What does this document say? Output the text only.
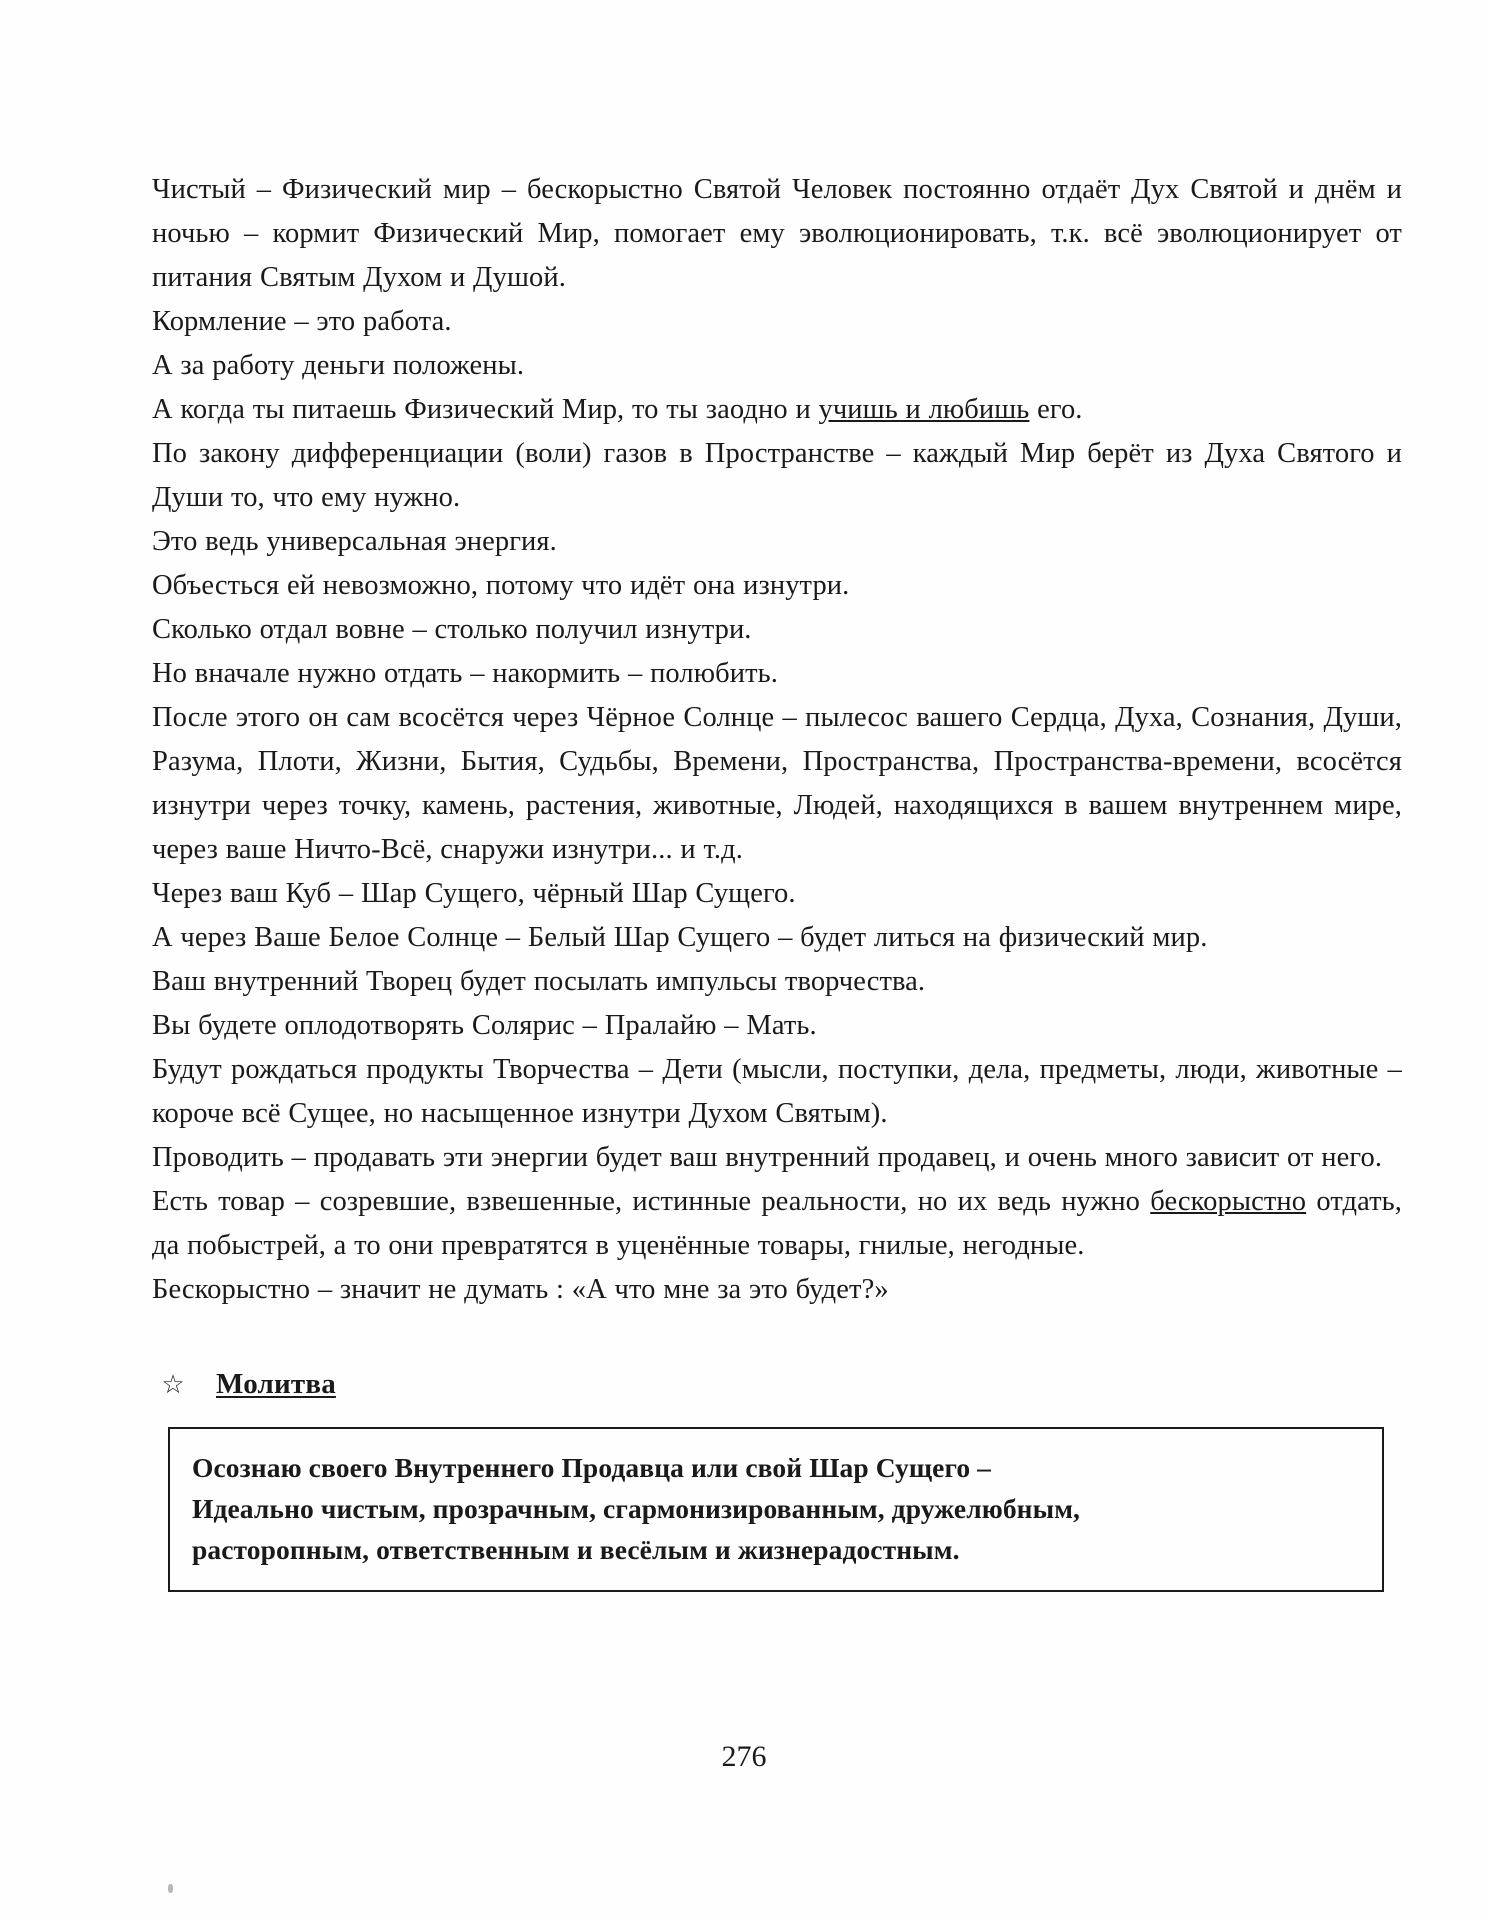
Чистый – Физический мир – бескорыстно Святой Человек постоянно отдаёт Дух Святой и днём и ночью – кормит Физический Мир, помогает ему эволюционировать, т.к. всё эволюционирует от питания Святым Духом и Душой.

Кормление – это работа.

А за работу деньги положены.

А когда ты питаешь Физический Мир, то ты заодно и учишь и любишь его.

По закону дифференциации (воли) газов в Пространстве – каждый Мир берёт из Духа Святого и Души то, что ему нужно.

Это ведь универсальная энергия.

Объесться ей невозможно, потому что идёт она изнутри.

Сколько отдал вовне – столько получил изнутри.

Но вначале нужно отдать – накормить – полюбить.

После этого он сам всосётся через Чёрное Солнце – пылесос вашего Сердца, Духа, Сознания, Души, Разума, Плоти, Жизни, Бытия, Судьбы, Времени, Пространства, Пространства-времени, всосётся изнутри через точку, камень, растения, животные, Людей, находящихся в вашем внутреннем мире, через ваше Ничто-Всё, снаружи изнутри... и т.д.

Через ваш Куб – Шар Сущего, чёрный Шар Сущего.

А через Ваше Белое Солнце – Белый Шар Сущего – будет литься на физический мир.

Ваш внутренний Творец будет посылать импульсы творчества.

Вы будете оплодотворять Солярис – Пралайю – Мать.

Будут рождаться продукты Творчества – Дети (мысли, поступки, дела, предметы, люди, животные – короче всё Сущее, но насыщенное изнутри Духом Святым).

Проводить – продавать эти энергии будет ваш внутренний продавец, и очень много зависит от него.

Есть товар – созревшие, взвешенные, истинные реальности, но их ведь нужно бескорыстно отдать, да побыстрей, а то они превратятся в уценённые товары, гнилые, негодные.

Бескорыстно – значит не думать : «А что мне за это будет?»

☆ Молитва

Осознаю своего Внутреннего Продавца или свой Шар Сущего –

Идеально чистым, прозрачным, сгармонизированным, дружелюбным,

расторопным, ответственным и весёлым и жизнерадостным.

276
